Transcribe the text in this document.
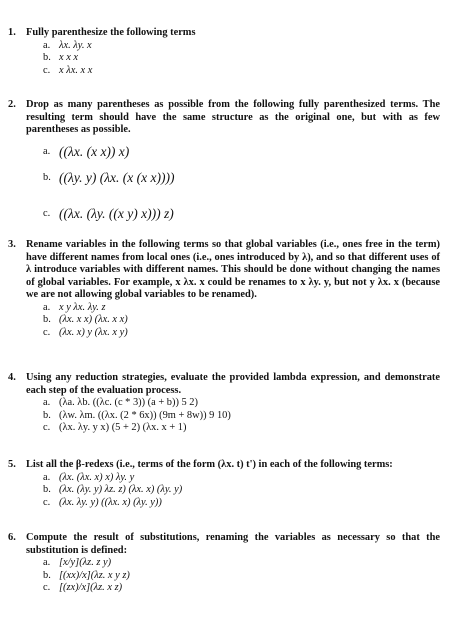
1. Fully parenthesize the following terms
a. λx. λy. x
b. x x x
c. x λx. x x
2. Drop as many parentheses as possible from the following fully parenthesized terms. The resulting term should have the same structure as the original one, but with as few parentheses as possible.
a. ((λx. (x x)) x)
b. ((λy. y) (λx. (x (x x))))
c. ((λx. (λy. ((x y) x))) z)
3. Rename variables in the following terms so that global variables (i.e., ones free in the term) have different names from local ones (i.e., ones introduced by λ), and so that different uses of λ introduce variables with different names. This should be done without changing the names of global variables. For example, x λx. x could be renames to x λy. y, but not y λx. x (because we are not allowing global variables to be renamed).
a. x y λx. λy. z
b. (λx. x x) (λx. x x)
c. (λx. x) y (λx. x y)
4. Using any reduction strategies, evaluate the provided lambda expression, and demonstrate each step of the evaluation process.
a. (λa. λb. ((λc. (c * 3)) (a + b)) 5 2)
b. (λw. λm. ((λx. (2 * 6x)) (9m + 8w)) 9 10)
c. (λx. λy. y x) (5 + 2) (λx. x + 1)
5. List all the β-redexs (i.e., terms of the form (λx. t) t') in each of the following terms:
a. (λx. (λx. x) x) λy. y
b. (λx. (λy. y) λz. z) (λx. x) (λy. y)
c. (λx. λy. y) ((λx. x) (λy. y))
6. Compute the result of substitutions, renaming the variables as necessary so that the substitution is defined:
a. [x/y](λz. z y)
b. [(xx)/x](λz. x y z)
c. [(zx)/x](λz. x z)
